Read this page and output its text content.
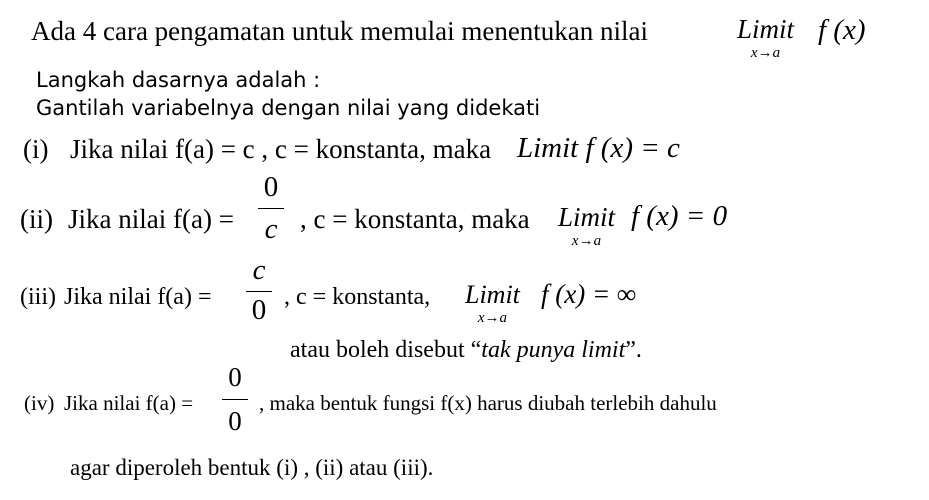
Ada 4 cara pengamatan untuk memulai menentukan nilai	Limit
x→a
f (x)
Langkah dasarnya adalah :
Gantilah variabelnya dengan nilai yang didekati
(i) Jika nilai f(a) = c , c = konstanta, maka Limit f (x) = c
(ii) Jika nilai f(a) =
0
c , c = konstanta, maka Limit
x→a
f (x) = 0
(iii) Jika nilai f(a) =
c
0 , c = konstanta, Limit
x→a
f (x) = ∞
atau boleh disebut “tak punya limit”.
(iv) Jika nilai f(a) =
0
0
, maka bentuk fungsi f(x) harus diubah terlebih dahulu
agar diperoleh bentuk (i) , (ii) atau (iii).
